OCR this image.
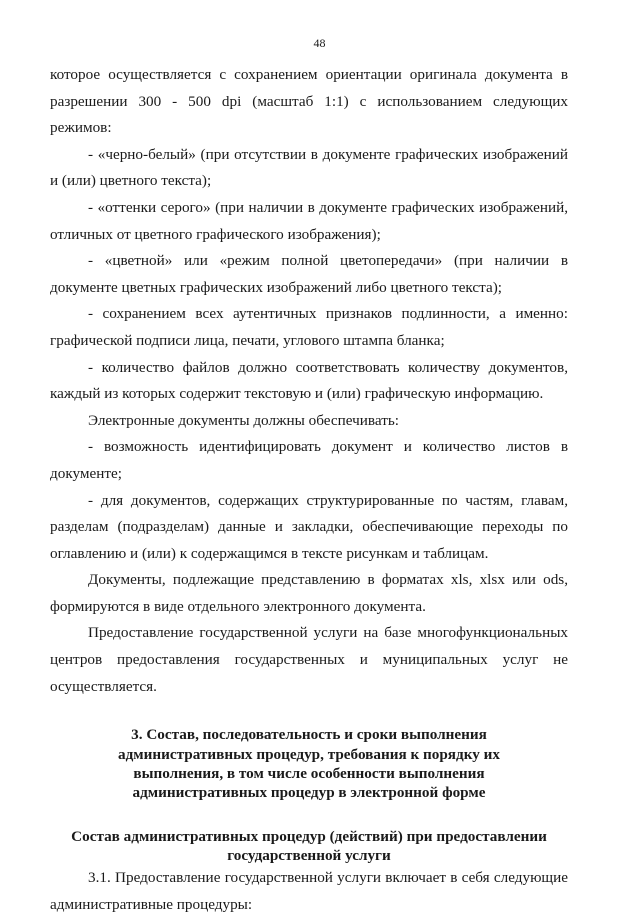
48

которое осуществляется с сохранением ориентации оригинала документа в разрешении 300 - 500 dpi (масштаб 1:1) с использованием следующих режимов:

- «черно-белый» (при отсутствии в документе графических изображений и (или) цветного текста);

- «оттенки серого» (при наличии в документе графических изображений, отличных от цветного графического изображения);

- «цветной» или «режим полной цветопередачи» (при наличии в документе цветных графических изображений либо цветного текста);

- сохранением всех аутентичных признаков подлинности, а именно: графической подписи лица, печати, углового штампа бланка;

- количество файлов должно соответствовать количеству документов, каждый из которых содержит текстовую и (или) графическую информацию.

Электронные документы должны обеспечивать:

- возможность идентифицировать документ и количество листов в документе;

- для документов, содержащих структурированные по частям, главам, разделам (подразделам) данные и закладки, обеспечивающие переходы по оглавлению и (или) к содержащимся в тексте рисункам и таблицам.

Документы, подлежащие представлению в форматах xls, xlsx или ods, формируются в виде отдельного электронного документа.

Предоставление государственной услуги на базе многофункциональных центров предоставления государственных и муниципальных услуг не осуществляется.

3. Состав, последовательность и сроки выполнения
административных процедур, требования к порядку их
выполнения, в том числе особенности выполнения
административных процедур в электронной форме
Состав административных процедур (действий) при предоставлении
государственной услуги

3.1. Предоставление государственной услуги включает в себя следующие административные процедуры:
